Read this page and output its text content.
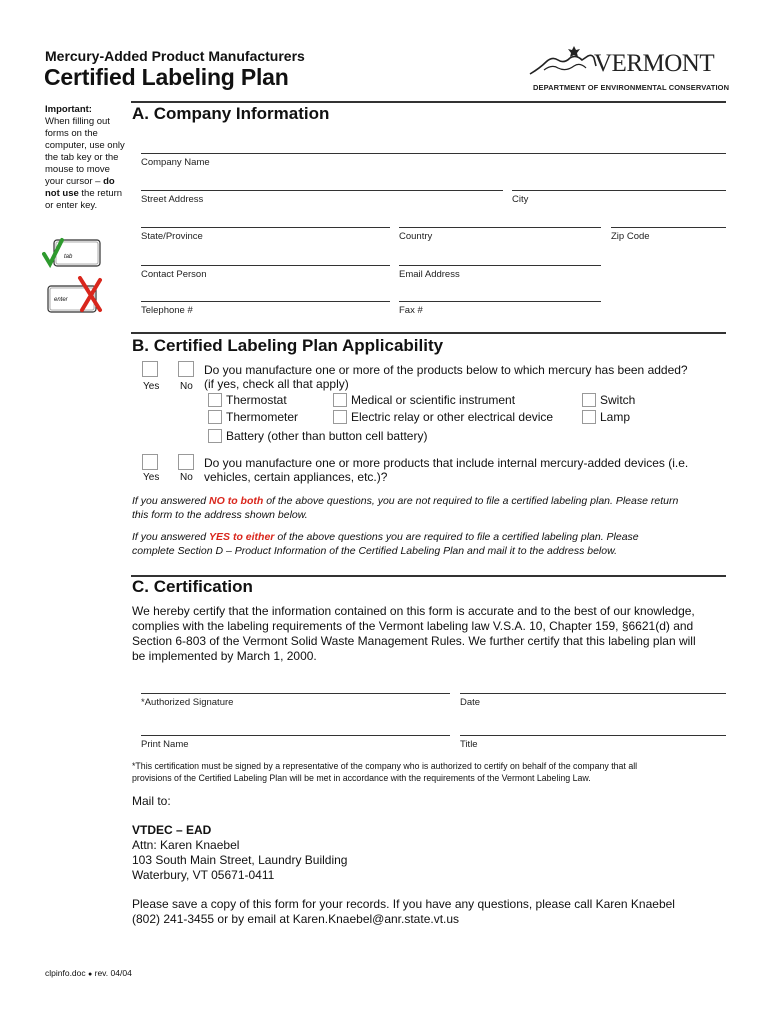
Mercury-Added Product Manufacturers
Certified Labeling Plan	VERMONT
DEPARTMENT OF ENVIRONMENTAL CONSERVATION
Important:
When filling out forms on the computer, use only the tab key or the mouse to move your cursor – do not use the return or enter key.
tab
enter
A. Company Information
Company Name
Street Address	City
State/Province	Country	Zip Code
Contact Person	Email Address
Telephone #	Fax #
B. Certified Labeling Plan Applicability
Yes No
Do you manufacture one or more of the products below to which mercury has been added?
(if yes, check all that apply)
Thermostat	Medical or scientific instrument	Switch
Thermometer	Electric relay or other electrical device	Lamp
Battery (other than button cell battery)
Yes No
Do you manufacture one or more products that include internal mercury-added devices (i.e.
vehicles, certain appliances, etc.)?
If you answered NO to both of the above questions, you are not required to file a certified labeling plan. Please return
this form to the address shown below.
If you answered YES to either of the above questions you are required to file a certified labeling plan. Please
complete Section D – Product Information of the Certified Labeling Plan and mail it to the address below.
C. Certification
We hereby certify that the information contained on this form is accurate and to the best of our knowledge,
complies with the labeling requirements of the Vermont labeling law V.S.A. 10, Chapter 159, §6621(d) and
Section 6-803 of the Vermont Solid Waste Management Rules. We further certify that this labeling plan will
be implemented by March 1, 2000.
*Authorized Signature	Date
Print Name	Title
*This certification must be signed by a representative of the company who is authorized to certify on behalf of the company that all
provisions of the Certified Labeling Plan will be met in accordance with the requirements of the Vermont Labeling Law.
Mail to:
VTDEC – EAD
Attn: Karen Knaebel
103 South Main Street, Laundry Building
Waterbury, VT 05671-0411
Please save a copy of this form for your records. If you have any questions, please call Karen Knaebel
(802) 241-3455 or by email at Karen.Knaebel@anr.state.vt.us
clpinfo.doc ● rev. 04/04
